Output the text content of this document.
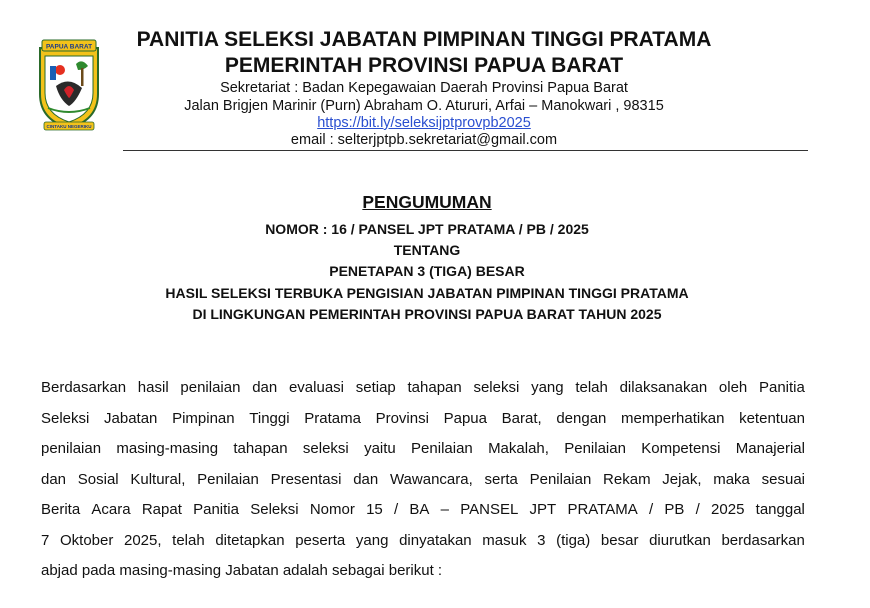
PAPUA BARAT
CINTAKU NEGERIKU
PANITIA SELEKSI JABATAN PIMPINAN TINGGI PRATAMA
PEMERINTAH PROVINSI PAPUA BARAT
Sekretariat : Badan Kepegawaian Daerah Provinsi Papua Barat
Jalan Brigjen Marinir (Purn) Abraham O. Atururi, Arfai – Manokwari , 98315
https://bit.ly/seleksijptprovpb2025
email : selterjptpb.sekretariat@gmail.com
PENGUMUMAN
NOMOR : 16 / PANSEL JPT PRATAMA / PB / 2025
TENTANG
PENETAPAN 3 (TIGA) BESAR
HASIL SELEKSI TERBUKA PENGISIAN JABATAN PIMPINAN TINGGI PRATAMA
DI LINGKUNGAN PEMERINTAH PROVINSI PAPUA BARAT TAHUN 2025
Berdasarkan hasil penilaian dan evaluasi setiap tahapan seleksi yang telah dilaksanakan oleh Panitia
Seleksi Jabatan Pimpinan Tinggi Pratama Provinsi Papua Barat, dengan memperhatikan ketentuan
penilaian masing-masing tahapan seleksi yaitu Penilaian Makalah, Penilaian Kompetensi Manajerial
dan Sosial Kultural, Penilaian Presentasi dan Wawancara, serta Penilaian Rekam Jejak, maka sesuai
Berita Acara Rapat Panitia Seleksi Nomor 15 / BA – PANSEL JPT PRATAMA / PB / 2025 tanggal
7 Oktober 2025, telah ditetapkan peserta yang dinyatakan masuk 3 (tiga) besar diurutkan berdasarkan
abjad pada masing-masing Jabatan adalah sebagai berikut :
